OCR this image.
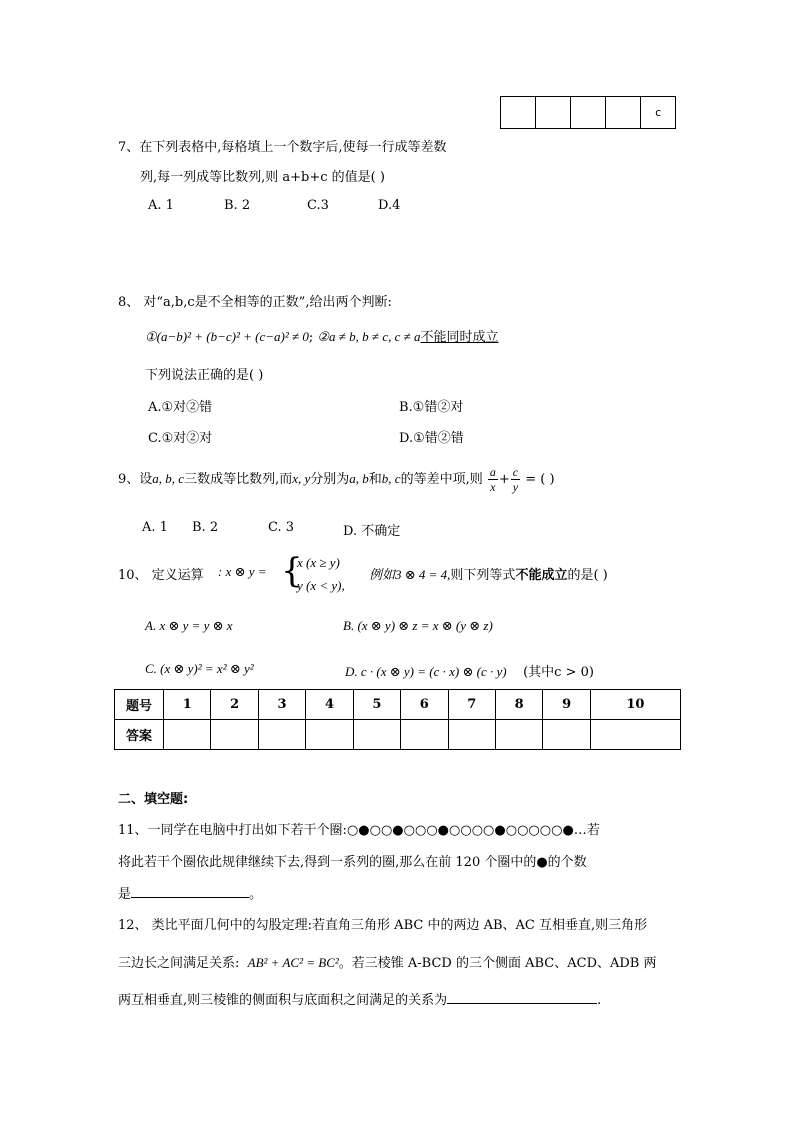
				c
7、在下列表格中,每格填上一个数字后,使每一行成等差数
列,每一列成等比数列,则 a+b+c 的值是( )
A. 1	B. 2	C.3	D.4
8、 对“a,b,c是不全相等的正数”,给出两个判断:
①(a−b)² + (b−c)² + (c−a)² ≠ 0; ②a ≠ b, b ≠ c, c ≠ a不能同时成立
下列说法正确的是( )
A.①对②错	B.①错②对
C.①对②对	D.①错②错
9、设a, b, c三数成等比数列,而x, y分别为a, b和b, c的等差中项,则 $\frac{a}{x} + \frac{c}{y}$ = ( )
A. 1 B. 2	C. 3	D. 不确定
10、 定义运算 : x ⊗ y = {
x (x ≥ y)
y (x < y),
例如3 ⊗ 4 = 4,则下列等式不能成立的是( )
A. x ⊗ y = y ⊗ x	B. (x ⊗ y) ⊗ z = x ⊗ (y ⊗ z)
C. (x ⊗ y)² = x² ⊗ y²	D. c · (x ⊗ y) = (c · x) ⊗ (c · y) (其中c > 0)
题号	1	2	3	4	5	6	7	8	9	10
答案										
二、填空题:
11、一同学在电脑中打出如下若干个圈:○●○○●○○○●○○○○●○○○○○●…若
将此若干个圈依此规律继续下去,得到一系列的圈,那么在前 120 个圈中的●的个数
是	。
12、 类比平面几何中的勾股定理:若直角三角形 ABC 中的两边 AB、AC 互相垂直,则三角形
三边长之间满足关系: AB² + AC² = BC²。若三棱锥 A-BCD 的三个侧面 ABC、ACD、ADB 两
两互相垂直,则三棱锥的侧面积与底面积之间满足的关系为	.
